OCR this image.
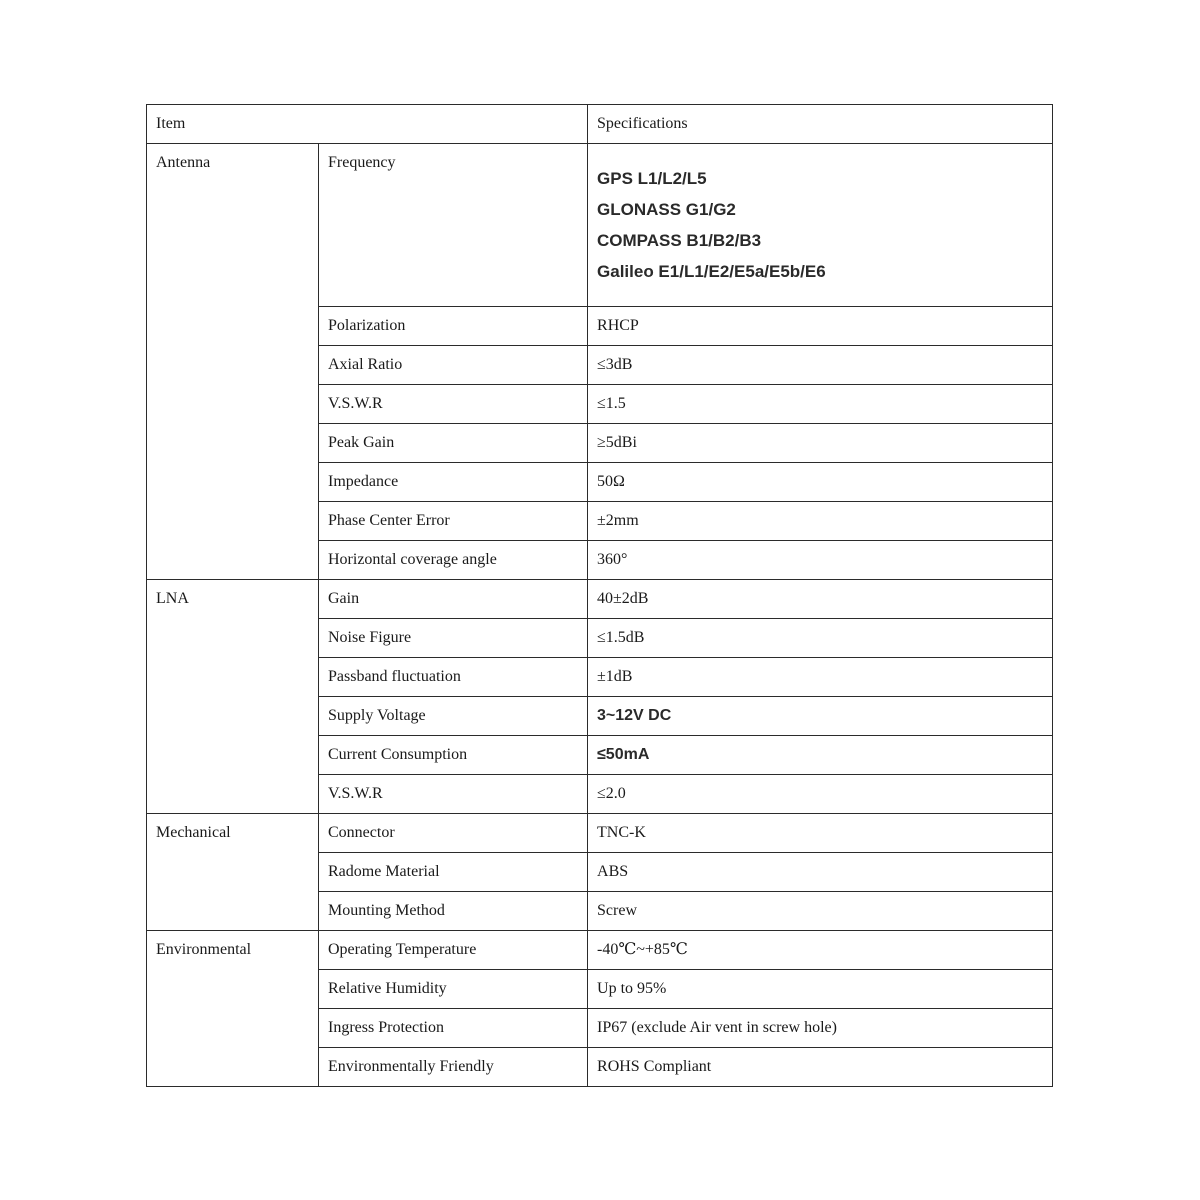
Item		Specifications
Antenna	Frequency	GPS L1/L2/L5
GLONASS G1/G2
COMPASS B1/B2/B3
Galileo E1/L1/E2/E5a/E5b/E6

	Polarization	RHCP
	Axial Ratio	≤3dB
	V.S.W.R	≤1.5
	Peak Gain	≥5dBi
	Impedance	50Ω
	Phase Center Error	±2mm
	Horizontal coverage angle	360°
LNA	Gain	40±2dB
	Noise Figure	≤1.5dB
	Passband fluctuation	±1dB
	Supply Voltage	3~12V DC
	Current Consumption	≤50mA
	V.S.W.R	≤2.0
Mechanical	Connector	TNC-K
	Radome Material	ABS
	Mounting Method	Screw
Environmental	Operating Temperature	-40℃~+85℃
	Relative Humidity	Up to 95%
	Ingress Protection	IP67 (exclude Air vent in screw hole)
	Environmentally Friendly	ROHS Compliant
